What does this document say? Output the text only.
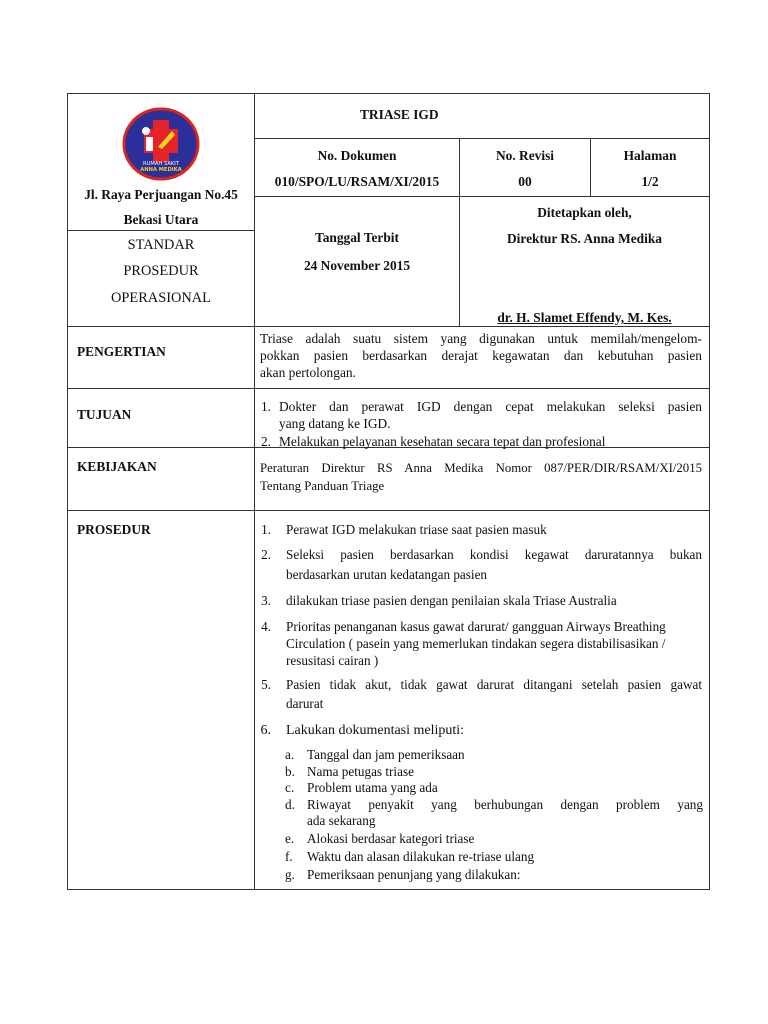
RUMAH SAKIT
ANNA MEDIKA
Jl. Raya Perjuangan No.45
Bekasi Utara
STANDAR
PROSEDUR
OPERASIONAL
TRIASE IGD
No. Dokumen
010/SPO/LU/RSAM/XI/2015
No. Revisi
00
Halaman
1/2
Tanggal Terbit
24 November 2015
Ditetapkan oleh,
Direktur RS. Anna Medika
dr. H. Slamet Effendy, M. Kes.
PENGERTIAN
Triase adalah suatu sistem yang digunakan untuk memilah/mengelom-
pokkan pasien berdasarkan derajat kegawatan dan kebutuhan pasien
akan pertolongan.
TUJUAN
1. Dokter dan perawat IGD dengan cepat melakukan seleksi pasien
yang datang ke IGD.
2. Melakukan pelayanan kesehatan secara tepat dan profesional
KEBIJAKAN	Peraturan Direktur RS Anna Medika Nomor 087/PER/DIR/RSAM/XI/2015
Tentang Panduan Triage
PROSEDUR	1. Perawat IGD melakukan triase saat pasien masuk
2. Seleksi pasien berdasarkan kondisi kegawat daruratannya bukan
berdasarkan urutan kedatangan pasien
3. dilakukan triase pasien dengan penilaian skala Triase Australia
4. Prioritas penanganan kasus gawat darurat/ gangguan Airways Breathing
Circulation ( pasein yang memerlukan tindakan segera distabilisasikan /
resusitasi cairan )
5. Pasien tidak akut, tidak gawat darurat ditangani setelah pasien gawat
darurat
6. Lakukan dokumentasi meliputi:
a. Tanggal dan jam pemeriksaan
b. Nama petugas triase
c. Problem utama yang ada
d. Riwayat penyakit yang berhubungan dengan problem yang
ada sekarang
e. Alokasi berdasar kategori triase
f.	Waktu dan alasan dilakukan re-triase ulang
g. Pemeriksaan penunjang yang dilakukan:
